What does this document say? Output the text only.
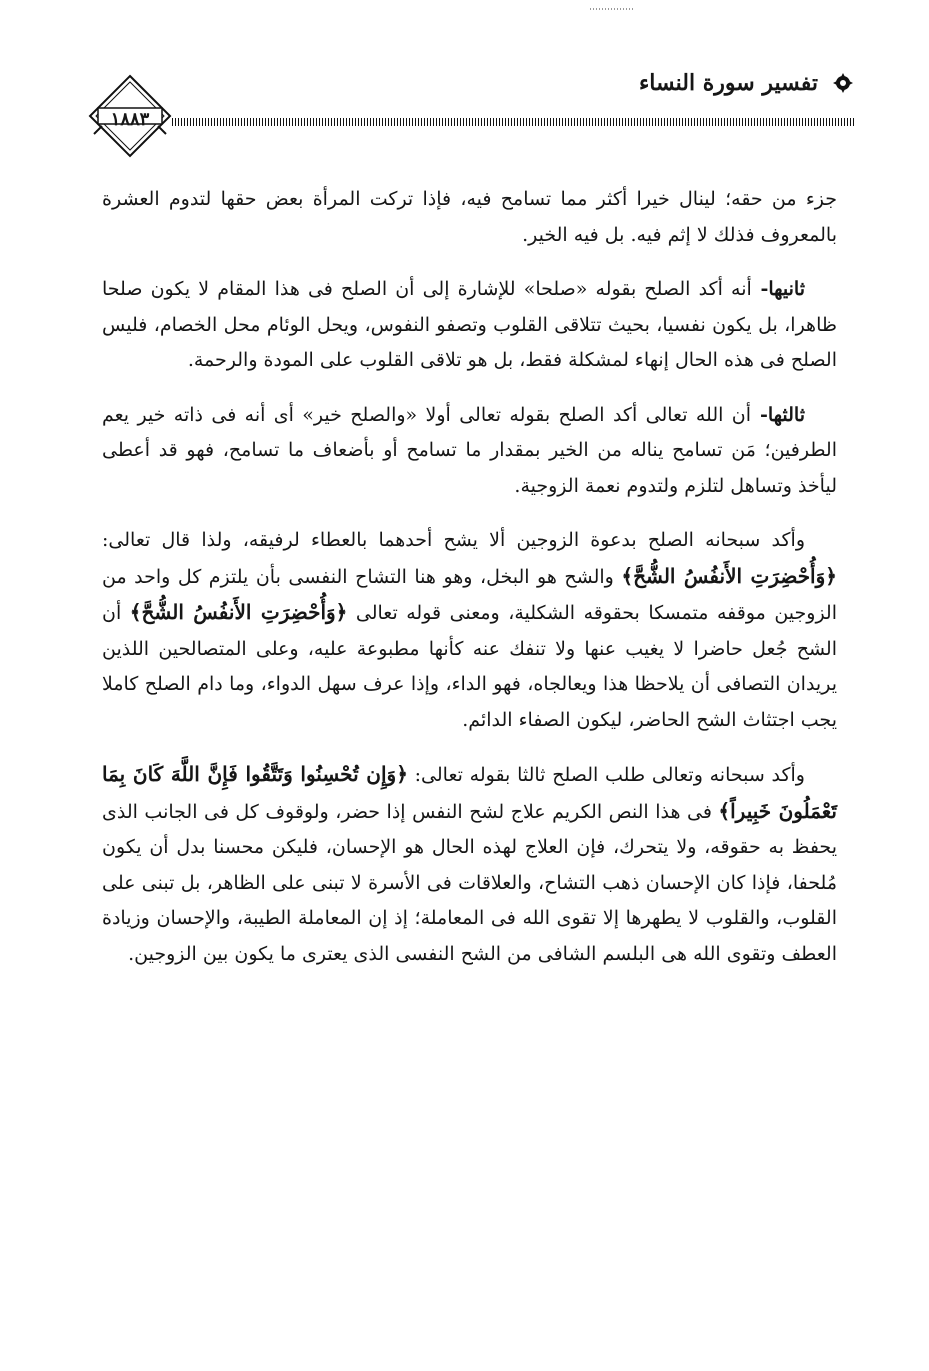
١٨٨٣
تفسير سورة النساء

جزء من حقه؛ لينال خيرا أكثر مما تسامح فيه، فإذا تركت المرأة بعض حقها لتدوم العشرة بالمعروف فذلك لا إثم فيه. بل فيه الخير.

ثانيها- أنه أكد الصلح بقوله «صلحا» للإشارة إلى أن الصلح فى هذا المقام لا يكون صلحا ظاهرا، بل يكون نفسيا، بحيث تتلاقى القلوب وتصفو النفوس، ويحل الوئام محل الخصام، فليس الصلح فى هذه الحال إنهاء لمشكلة فقط، بل هو تلاقى القلوب على المودة والرحمة.

ثالثها- أن الله تعالى أكد الصلح بقوله تعالى أولا «والصلح خير» أى أنه فى ذاته خير يعم الطرفين؛ مَن تسامح يناله من الخير بمقدار ما تسامح أو بأضعاف ما تسامح، فهو قد أعطى ليأخذ وتساهل لتلزم ولتدوم نعمة الزوجية.

وأكد سبحانه الصلح بدعوة الزوجين ألا يشح أحدهما بالعطاء لرفيقه، ولذا قال تعالى: ﴿وَأُحْضِرَتِ الأَنفُسُ الشُّحَّ﴾ والشح هو البخل، وهو هنا التشاح النفسى بأن يلتزم كل واحد من الزوجين موقفه متمسكا بحقوقه الشكلية، ومعنى قوله تعالى ﴿وَأُحْضِرَتِ الأَنفُسُ الشُّحَّ﴾ أن الشح جُعل حاضرا لا يغيب عنها ولا تنفك عنه كأنها مطبوعة عليه، وعلى المتصالحين اللذين يريدان التصافى أن يلاحظا هذا ويعالجاه، فهو الداء، وإذا عرف سهل الدواء، وما دام الصلح كاملا يجب اجتثاث الشح الحاضر، ليكون الصفاء الدائم.

وأكد سبحانه وتعالى طلب الصلح ثالثا بقوله تعالى: ﴿وَإِن تُحْسِنُوا وَتَتَّقُوا فَإِنَّ اللَّهَ كَانَ بِمَا تَعْمَلُونَ خَبِيراً﴾ فى هذا النص الكريم علاج لشح النفس إذا حضر، ولوقوف كل فى الجانب الذى يحفظ به حقوقه، ولا يتحرك، فإن العلاج لهذه الحال هو الإحسان، فليكن محسنا بدل أن يكون مُلحفا، فإذا كان الإحسان ذهب التشاح، والعلاقات فى الأسرة لا تبنى على الظاهر، بل تبنى على القلوب، والقلوب لا يطهرها إلا تقوى الله فى المعاملة؛ إذ إن المعاملة الطيبة، والإحسان وزيادة العطف وتقوى الله هى البلسم الشافى من الشح النفسى الذى يعترى ما يكون بين الزوجين.
